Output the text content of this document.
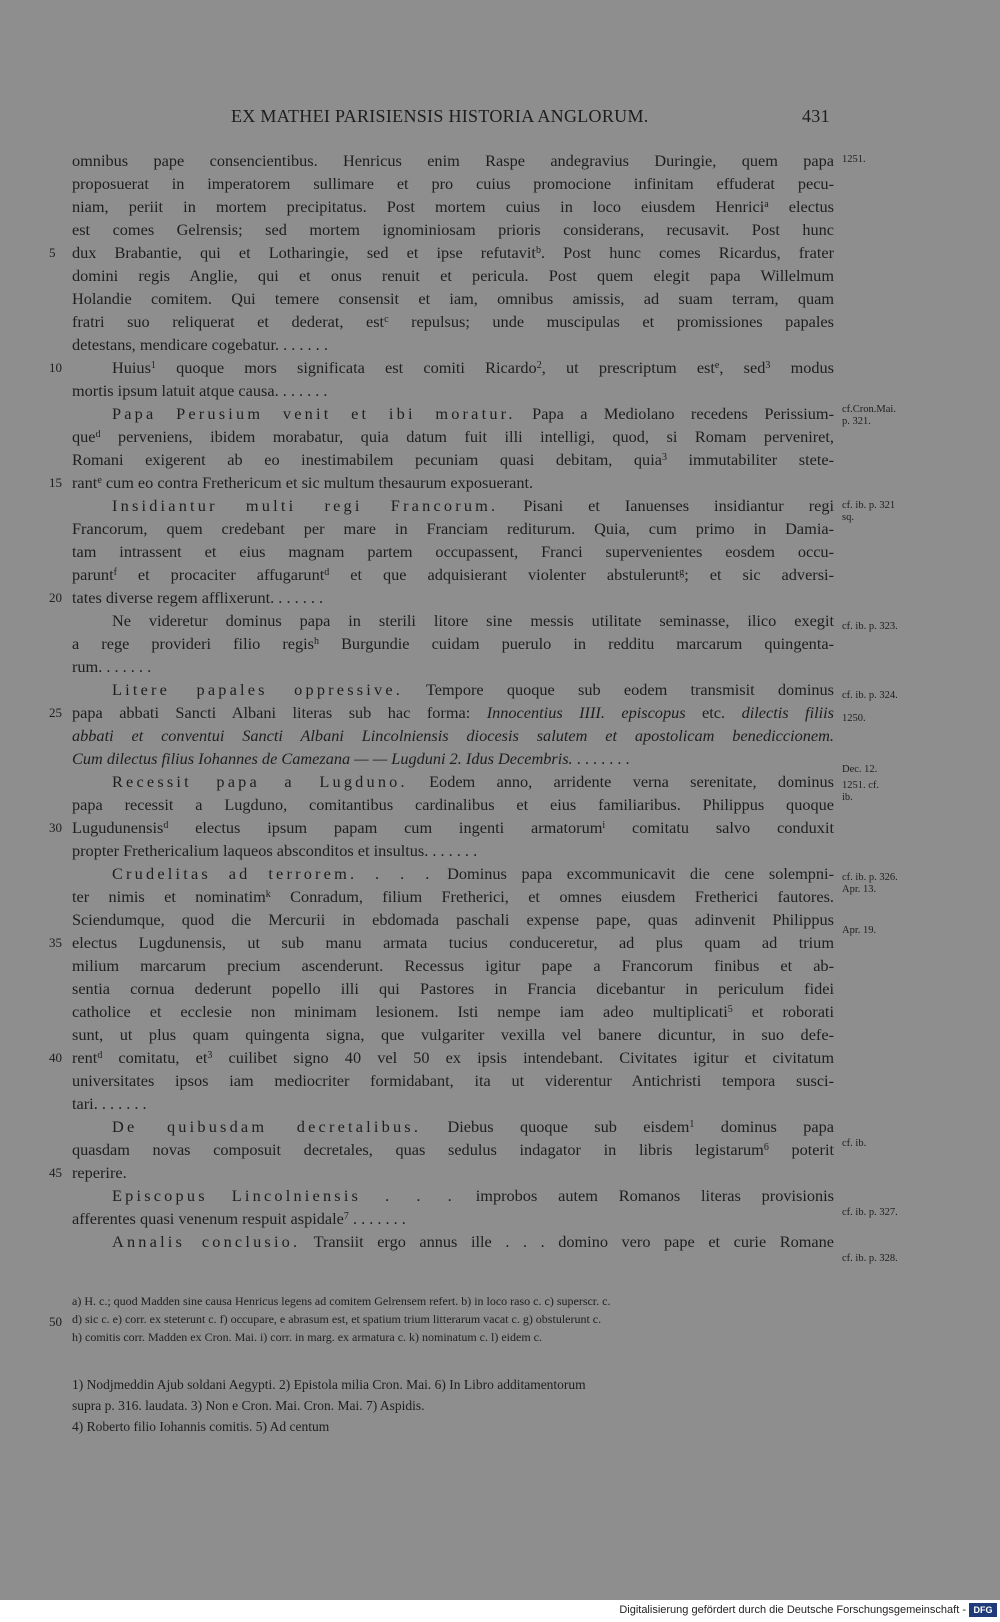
EX MATHEI PARISIENSIS HISTORIA ANGLORUM.	431
omnibus pape consencientibus. Henricus enim Raspe andegravius Duringie, quem papa
proposuerat in imperatorem sullimare et pro cuius promocione infinitam effuderat pecu-
niam, periit in mortem precipitatus. Post mortem cuius in loco eiusdem Henrici$^a$ electus
est comes Gelrensis; sed mortem ignominiosam prioris considerans, recusavit. Post hunc
dux Brabantie, qui et Lotharingie, sed et ipse refutavit$^b$. Post hunc comes Ricardus, frater
domini regis Anglie, qui et onus renuit et pericula. Post quem elegit papa Willelmum
Holandie comitem. Qui temere consensit et iam, omnibus amissis, ad suam terram, quam
fratri suo reliquerat et dederat, est$^c$ repulsus; unde muscipulas et promissiones papales
detestans, mendicare cogebatur. . . . . . .
Huius$^1$ quoque mors significata est comiti Ricardo$^2$, ut prescriptum est$^e$, sed$^3$ modus
mortis ipsum latuit atque causa. . . . . . .
Papa Perusium venit et ibi moratur. Papa a Mediolano recedens Perissium-
que$^d$ perveniens, ibidem morabatur, quia datum fuit illi intelligi, quod, si Romam perveniret,
Romani exigerent ab eo inestimabilem pecuniam quasi debitam, quia$^3$ immutabiliter stete-
rant$^e$ cum eo contra Frethericum et sic multum thesaurum exposuerant.
Insidiantur multi regi Francorum. Pisani et Ianuenses insidiantur regi
Francorum, quem credebant per mare in Franciam rediturum. Quia, cum primo in Damia-
tam intrassent et eius magnam partem occupassent, Franci supervenientes eosdem occu-
parunt$^f$ et procaciter affugarunt$^d$ et que adquisierant violenter abstulerunt$^g$; et sic adversi-
tates diverse regem afflixerunt. . . . . . .
Ne videretur dominus papa in sterili litore sine messis utilitate seminasse, ilico exegit
a rege provideri filio regis$^h$ Burgundie cuidam puerulo in redditu marcarum quingenta-
rum. . . . . . .
Litere papales oppressive. Tempore quoque sub eodem transmisit dominus
papa abbati Sancti Albani literas sub hac forma: Innocentius IIII. episcopus etc. dilectis filiis
abbati et conventui Sancti Albani Lincolniensis diocesis salutem et apostolicam benediccionem.
Cum dilectus filius Iohannes de Camezana — — Lugduni 2. Idus Decembris. . . . . . . .
Recessit papa a Lugduno. Eodem anno, arridente verna serenitate, dominus
papa recessit a Lugduno, comitantibus cardinalibus et eius familiaribus. Philippus quoque
Lugudunensis$^d$ electus ipsum papam cum ingenti armatorum$^i$ comitatu salvo conduxit
propter Frethericalium laqueos absconditos et insultus. . . . . . .
Crudelitas ad terrorem. . . . Dominus papa excommunicavit die cene solempni-
ter nimis et nominatim$^k$ Conradum, filium Fretherici, et omnes eiusdem Fretherici fautores.
Sciendumque, quod die Mercurii in ebdomada paschali expense pape, quas adinvenit Philippus
electus Lugdunensis, ut sub manu armata tucius conduceretur, ad plus quam ad trium
milium marcarum precium ascenderunt. Recessus igitur pape a Francorum finibus et ab-
sentia cornua dederunt popello illi qui Pastores in Francia dicebantur in periculum fidei
catholice et ecclesie non minimam lesionem. Isti nempe iam adeo multiplicati$^5$ et roborati
sunt, ut plus quam quingenta signa, que vulgariter vexilla vel banere dicuntur, in suo defe-
rent$^d$ comitatu, $et^3$ cuilibet signo 40 vel 50 ex ipsis intendebant. Civitates igitur et civitatum
universitates ipsos iam mediocriter formidabant, ita ut viderentur Antichristi tempora susci-
tari. . . . . . .
De quibusdam decretalibus. Diebus quoque sub eisdem$^1$ dominus papa
quasdam novas composuit decretales, quas sedulus indagator in libris legistarum$^6$ poterit
reperire.
Episcopus Lincolniensis . . . improbos autem Romanos literas provisionis
afferentes quasi venenum respuit aspidale$^7$ . . . . . . .
Annalis conclusio. Transiit ergo annus ille . . . domino vero pape et curie Romane
5
10
15
20
25
30
35
40
45
50
1251.
cf.Cron.Mai. p. 321.
cf. ib. p. 321 sq.
cf. ib. p. 323.
cf. ib. p. 324.
1250.
Dec. 12.
1251. cf. ib.
cf. ib. p. 326. Apr. 13.
Apr. 19.
cf. ib.
cf. ib. p. 327.
cf. ib. p. 328.
a) H. c.; quod Madden sine causa Henricus legens ad comitem Gelrensem refert. b) in loco raso c. c) superscr. c.
d) sic c. e) corr. ex steterunt c. f) occupare, e abrasum est, et spatium trium litterarum vacat c. g) obstulerunt c.
h) comitis corr. Madden ex Cron. Mai. i) corr. in marg. ex armatura c. k) nominatum c. l) eidem c.
1) Nodjmeddin Ajub soldani Aegypti. 2) Epistola milia Cron. Mai. 6) In Libro additamentorum
supra p. 316. laudata. 3) Non e Cron. Mai. Cron. Mai. 7) Aspidis.
4) Roberto filio Iohannis comitis. 5) Ad centum
Digitalisierung gefördert durch die Deutsche Forschungsgemeinschaft - DFG
